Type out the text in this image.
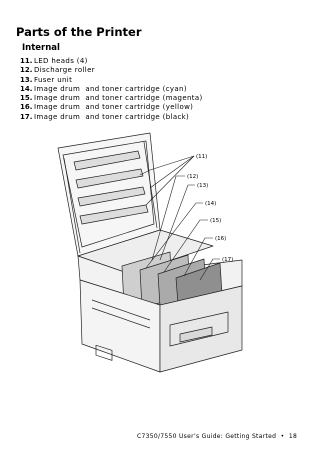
Parts of the Printer
Internal
11. LED heads (4)
12. Discharge roller
13. Fuser unit
14. Image drum  and toner cartridge (cyan)
15. Image drum  and toner cartridge (magenta)
16. Image drum  and toner cartridge (yellow)
17. Image drum  and toner cartridge (black)
(11)
(12)
(13)
(14)
(15)
(16)
(17)
C7350/7550 User’s Guide: Getting Started  •  18
